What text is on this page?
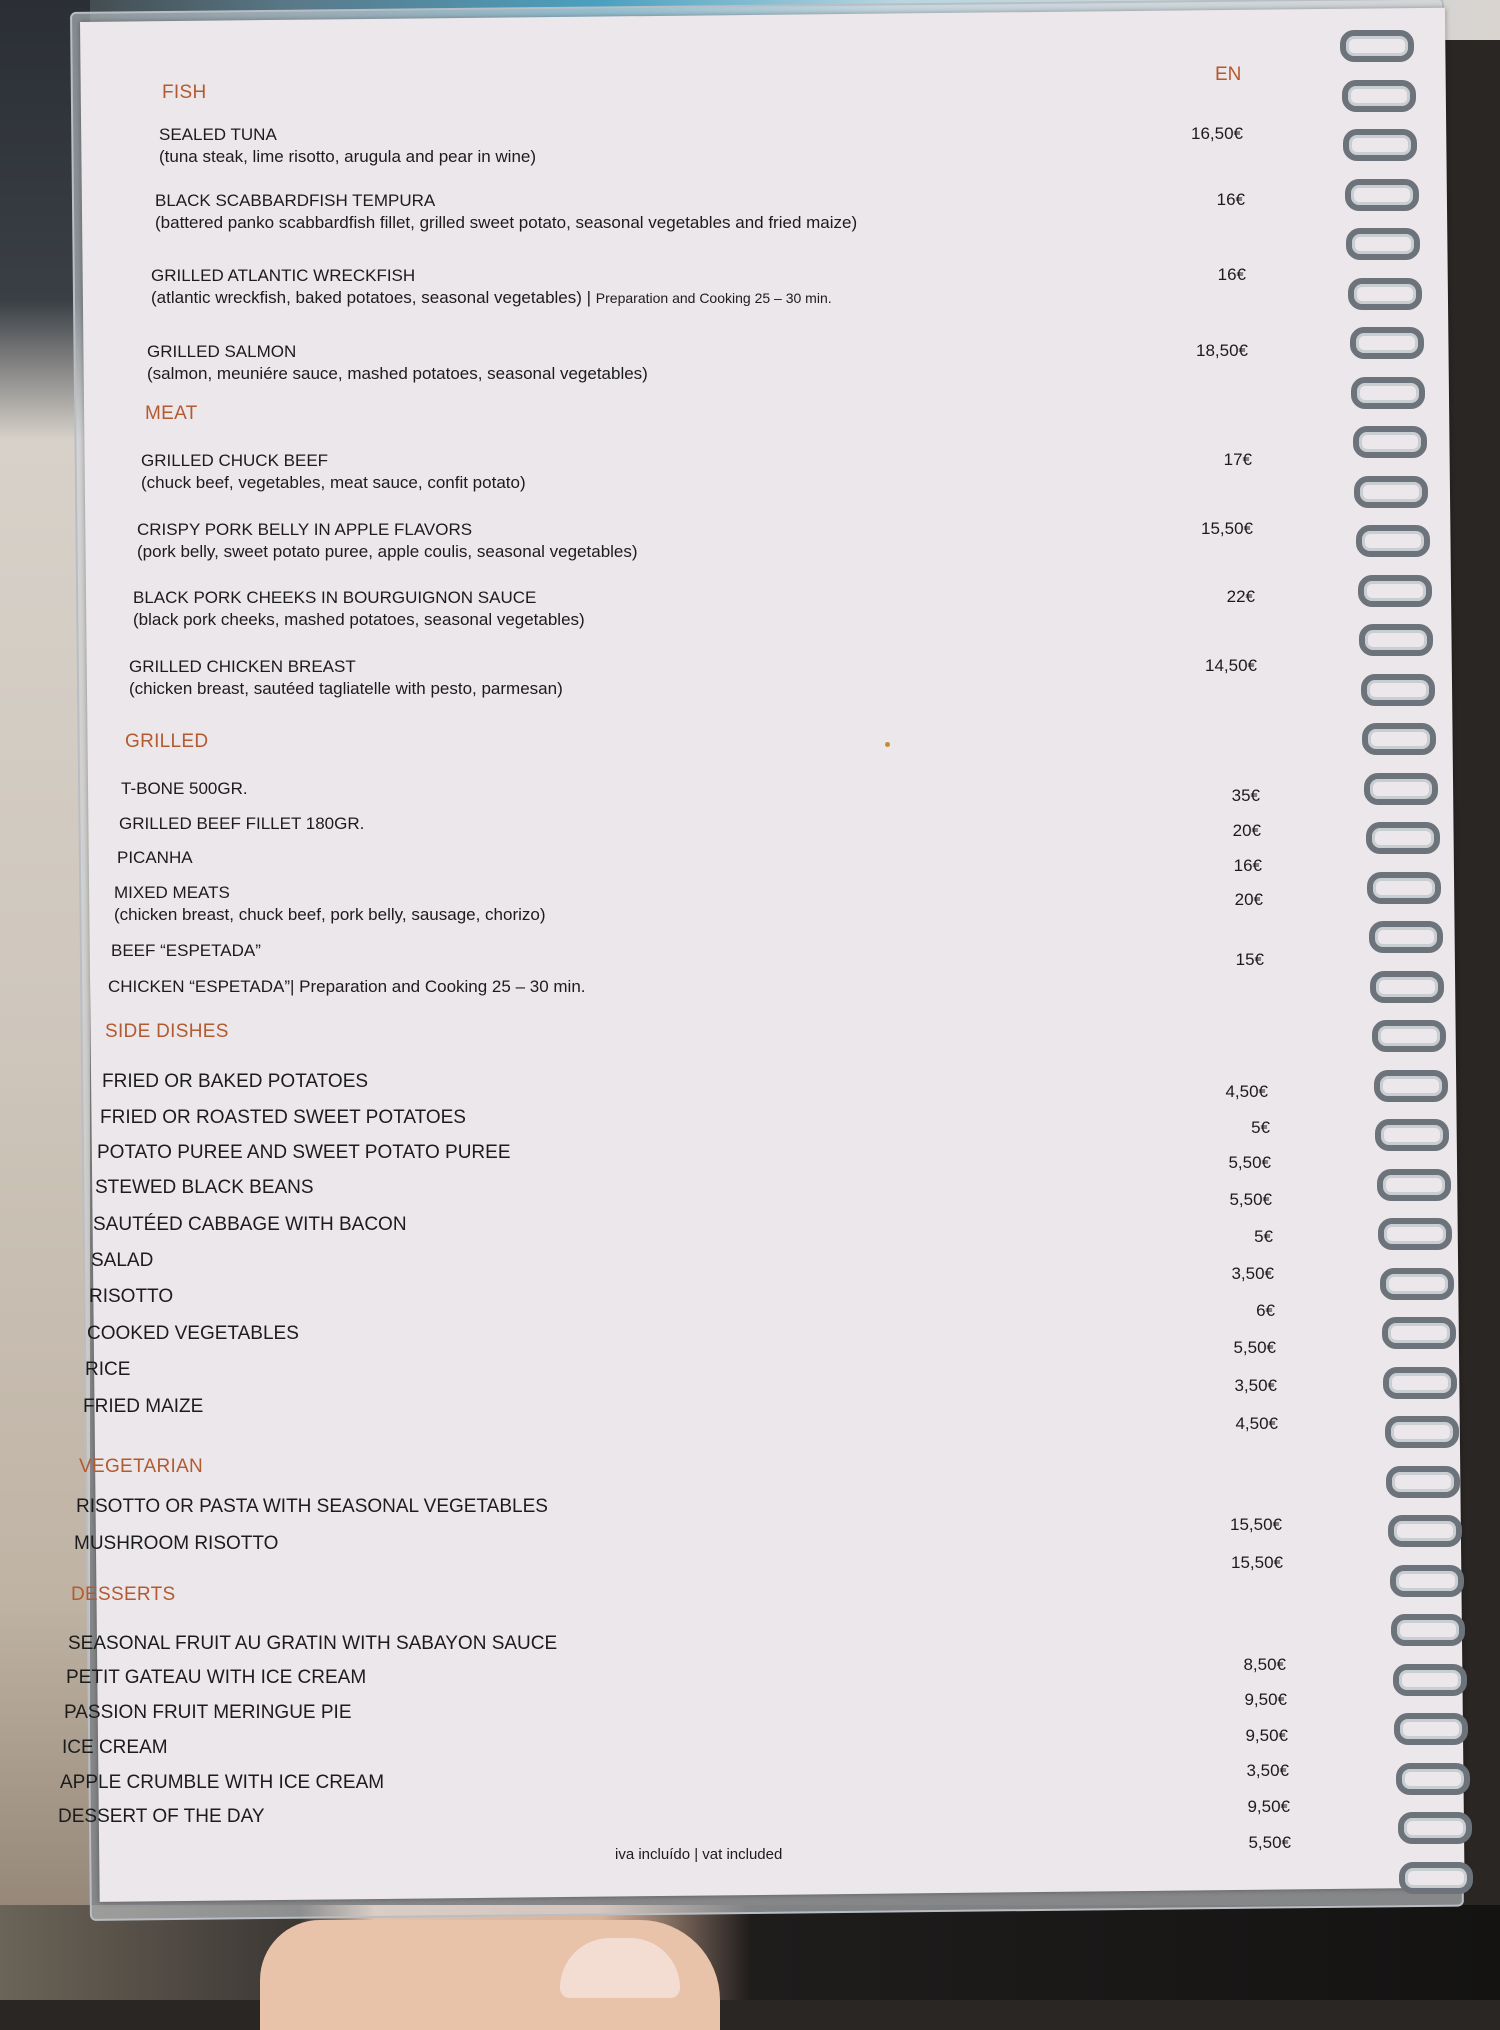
EN
FISH
SEALED TUNA
(tuna steak, lime risotto, arugula and pear in wine)
16,50€
BLACK SCABBARDFISH TEMPURA
(battered panko scabbardfish fillet, grilled sweet potato, seasonal vegetables and fried maize)
16€
GRILLED ATLANTIC WRECKFISH
(atlantic wreckfish, baked potatoes, seasonal vegetables) | Preparation and Cooking 25 – 30 min.
16€
GRILLED SALMON
(salmon, meuniére sauce, mashed potatoes, seasonal vegetables)
18,50€
MEAT
GRILLED CHUCK BEEF
(chuck beef, vegetables, meat sauce, confit potato)
17€
CRISPY PORK BELLY IN APPLE FLAVORS
(pork belly, sweet potato puree, apple coulis, seasonal vegetables)
15,50€
BLACK PORK CHEEKS IN BOURGUIGNON SAUCE
(black pork cheeks, mashed potatoes, seasonal vegetables)
22€
GRILLED CHICKEN BREAST
(chicken breast, sautéed tagliatelle with pesto, parmesan)
14,50€
GRILLED
T-BONE 500GR.	35€
GRILLED BEEF FILLET 180GR.	20€
PICANHA	16€
MIXED MEATS
(chicken breast, chuck beef, pork belly, sausage, chorizo)
20€
BEEF “ESPETADA”	15€
CHICKEN “ESPETADA”| Preparation and Cooking 25 – 30 min.
SIDE DISHES
FRIED OR BAKED POTATOES	4,50€
FRIED OR ROASTED SWEET POTATOES	5€
POTATO PUREE AND SWEET POTATO PUREE	5,50€
STEWED BLACK BEANS
5,50€
SAUTÉED CABBAGE WITH BACON
5€
SALAD
3,50€
RISOTTO
6€
COOKED VEGETABLES
5,50€
RICE
3,50€
FRIED MAIZE
4,50€
VEGETARIAN
RISOTTO OR PASTA WITH SEASONAL VEGETABLES
15,50€
MUSHROOM RISOTTO
15,50€
DESSERTS
SEASONAL FRUIT AU GRATIN WITH SABAYON SAUCE
8,50€
PETIT GATEAU WITH ICE CREAM
9,50€
PASSION FRUIT MERINGUE PIE
9,50€
ICE CREAM
3,50€
APPLE CRUMBLE WITH ICE CREAM
9,50€
DESSERT OF THE DAY
5,50€
iva incluído | vat included
